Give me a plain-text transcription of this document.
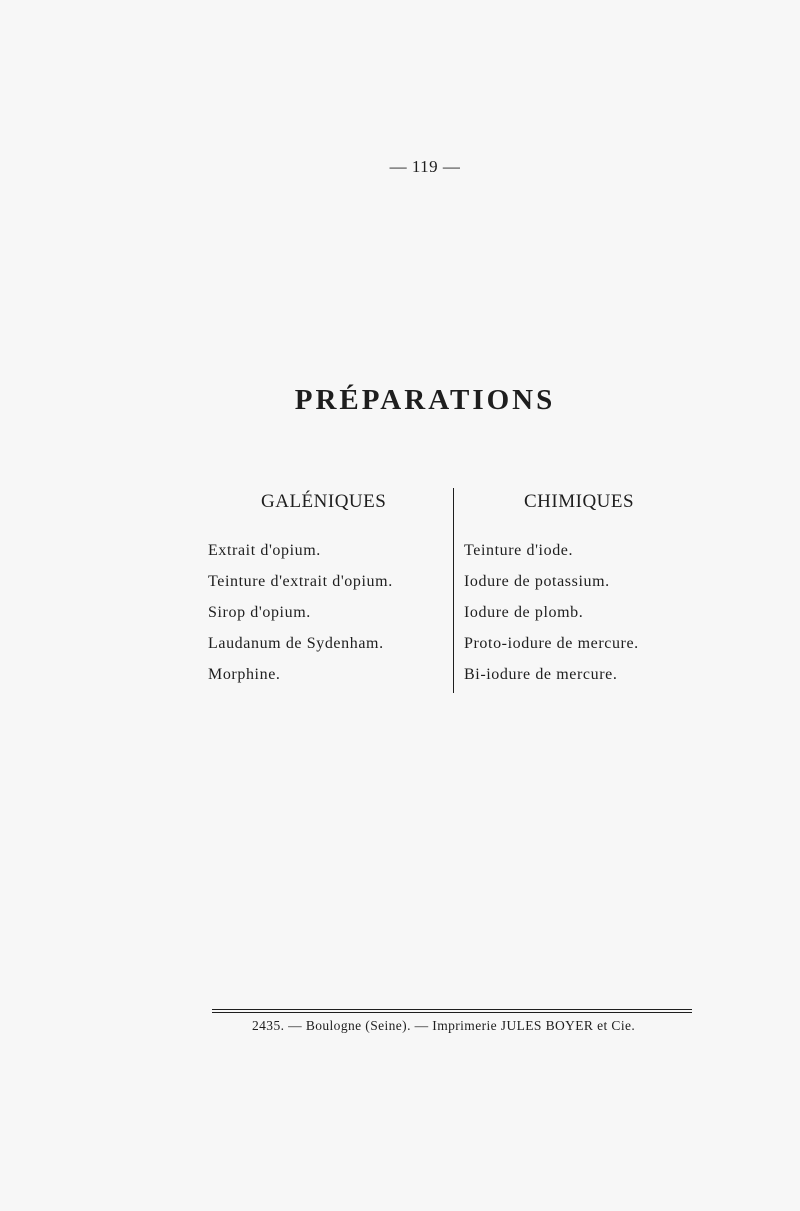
— 119 —
PRÉPARATIONS
GALÉNIQUES
Extrait d'opium.
Teinture d'extrait d'opium.
Sirop d'opium.
Laudanum de Sydenham.
Morphine.
CHIMIQUES
Teinture d'iode.
Iodure de potassium.
Iodure de plomb.
Proto-iodure de mercure.
Bi-iodure de mercure.
2435. — Boulogne (Seine). — Imprimerie JULES BOYER et Cie.
